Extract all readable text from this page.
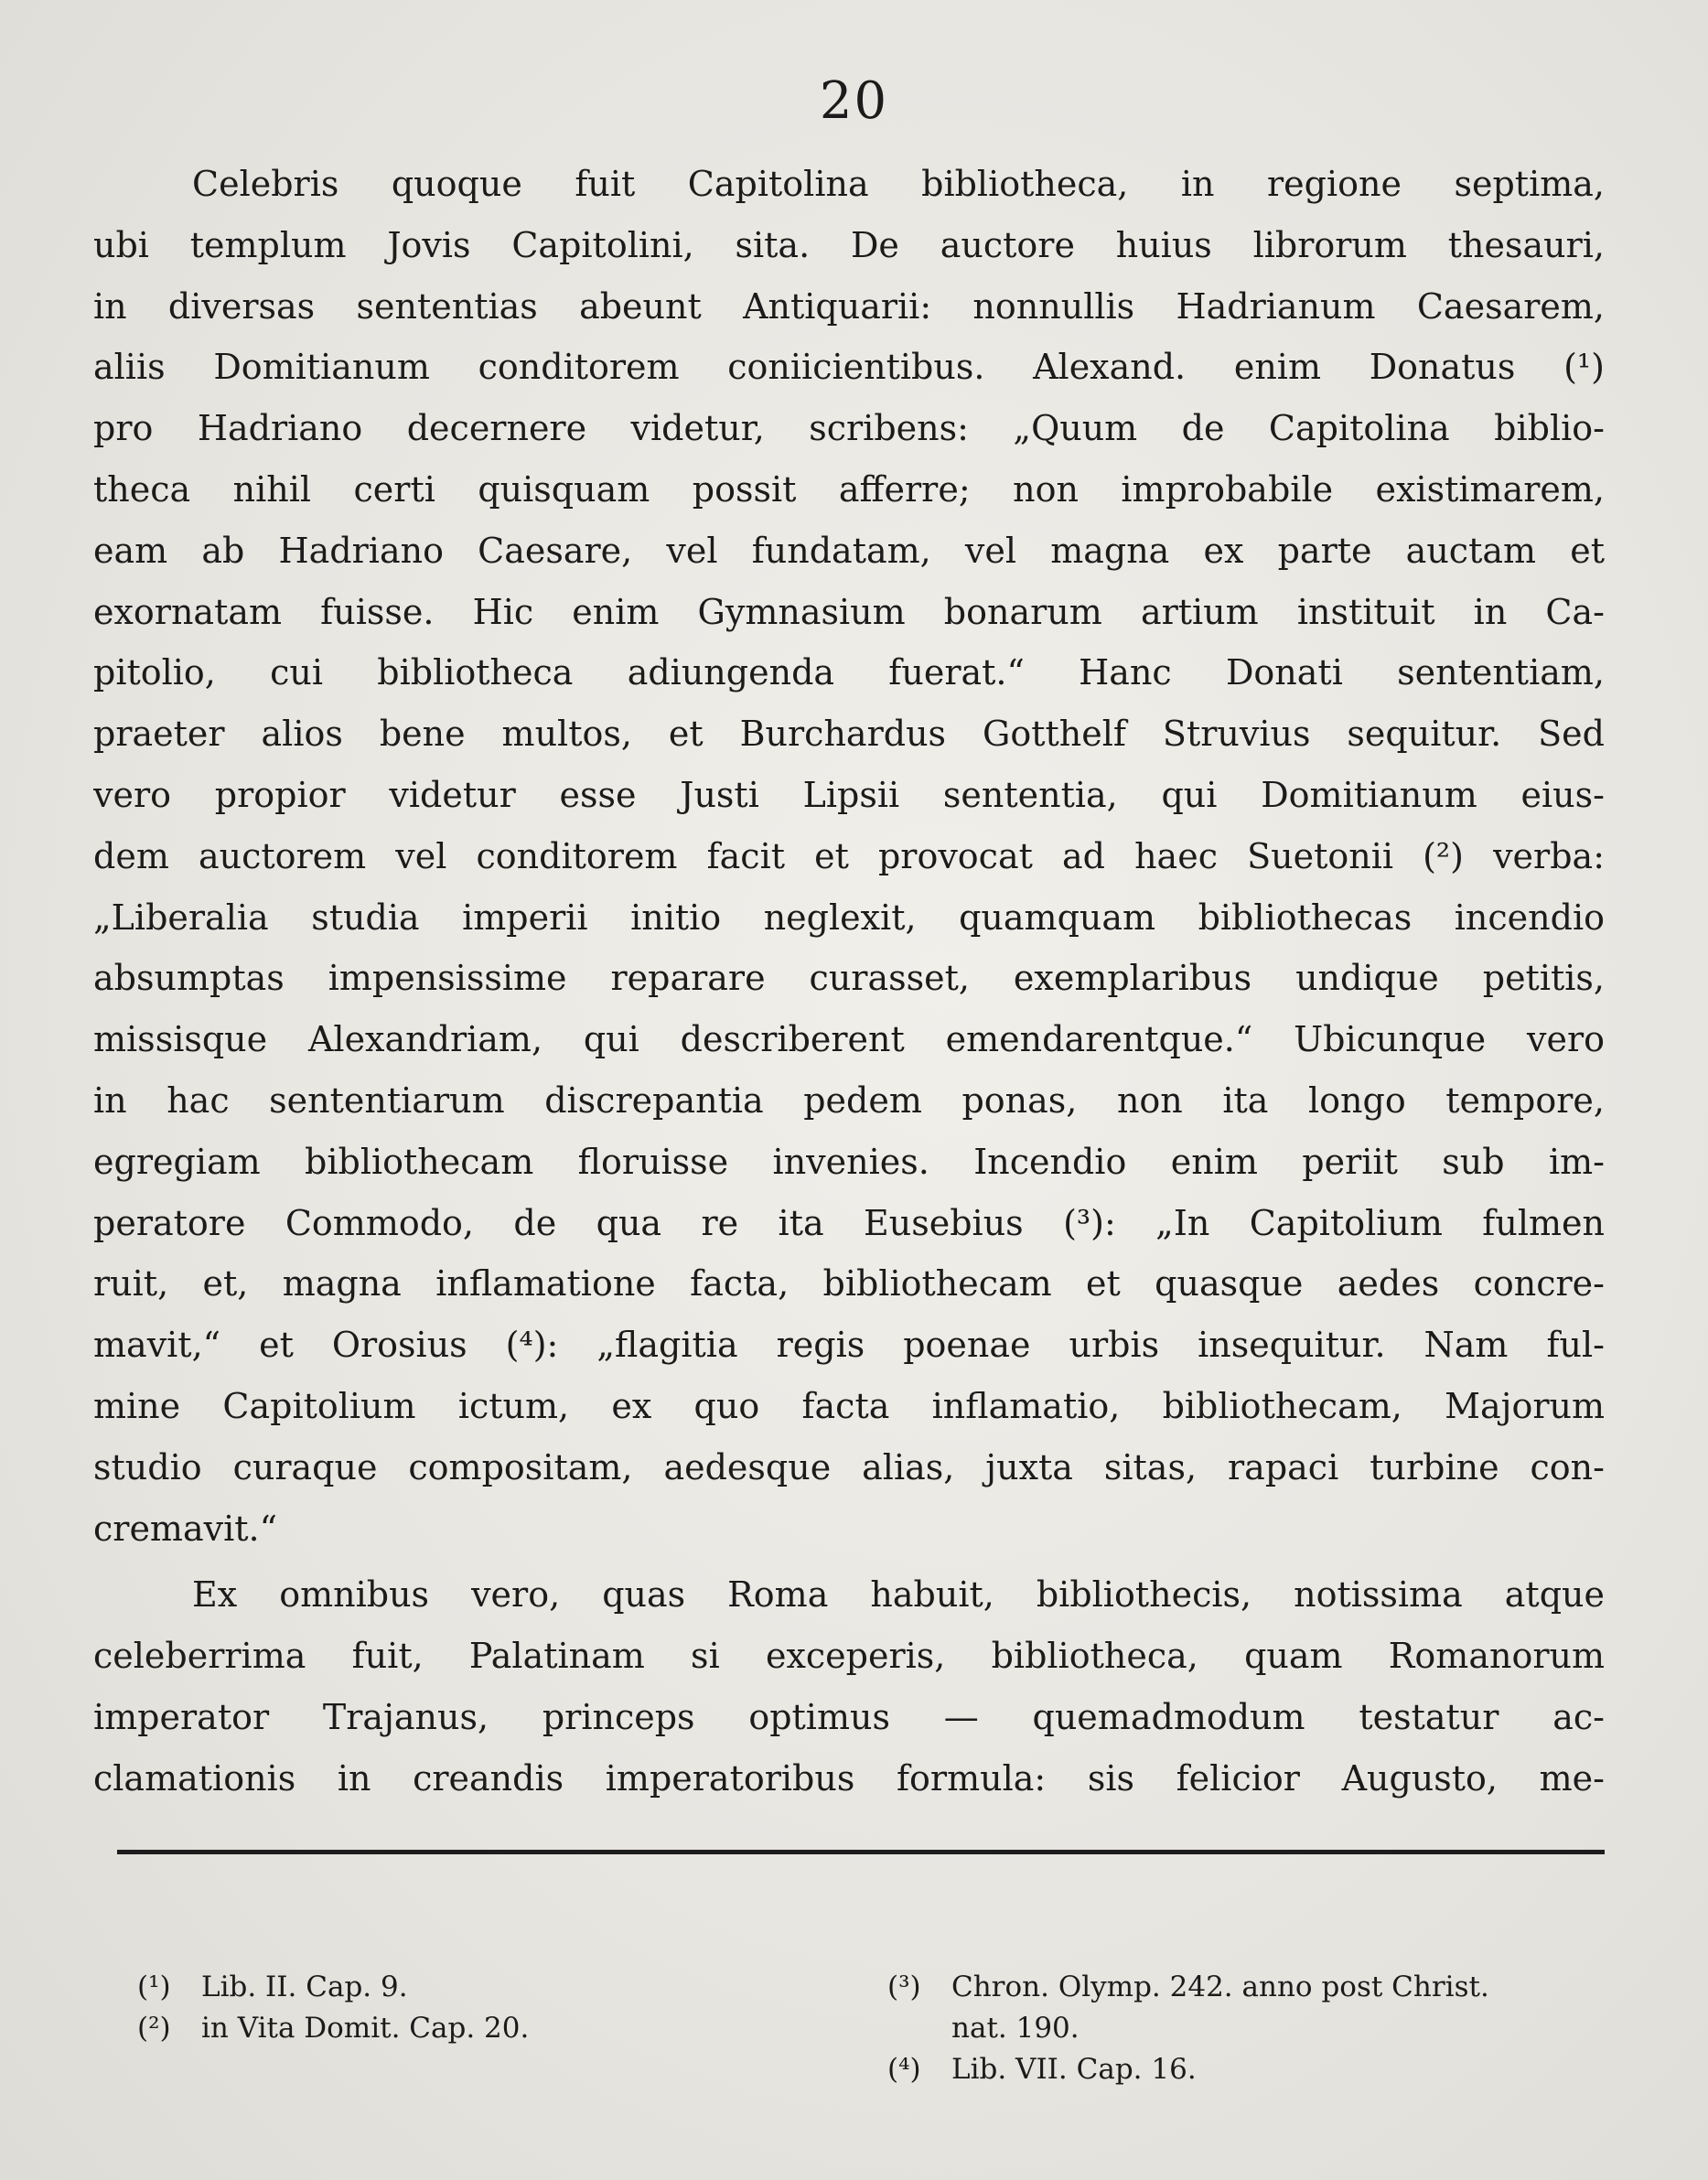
20
Celebris quoque fuit Capitolina bibliotheca, in regione septima,
ubi templum Jovis Capitolini, sita. De auctore huius librorum thesauri,
in diversas sententias abeunt Antiquarii: nonnullis Hadrianum Caesarem,
aliis Domitianum conditorem coniicientibus. Alexand. enim Donatus (¹)
pro Hadriano decernere videtur, scribens: „Quum de Capitolina biblio-
theca nihil certi quisquam possit afferre; non improbabile existimarem,
eam ab Hadriano Caesare, vel fundatam, vel magna ex parte auctam et
exornatam fuisse. Hic enim Gymnasium bonarum artium instituit in Ca-
pitolio, cui bibliotheca adiungenda fuerat.“ Hanc Donati sententiam,
praeter alios bene multos, et Burchardus Gotthelf Struvius sequitur. Sed
vero propior videtur esse Justi Lipsii sententia, qui Domitianum eius-
dem auctorem vel conditorem facit et provocat ad haec Suetonii (²) verba:
„Liberalia studia imperii initio neglexit, quamquam bibliothecas incendio
absumptas impensissime reparare curasset, exemplaribus undique petitis,
missisque Alexandriam, qui describerent emendarentque.“ Ubicunque vero
in hac sententiarum discrepantia pedem ponas, non ita longo tempore,
egregiam bibliothecam floruisse invenies. Incendio enim periit sub im-
peratore Commodo, de qua re ita Eusebius (³): „In Capitolium fulmen
ruit, et, magna inflamatione facta, bibliothecam et quasque aedes concre-
mavit,“ et Orosius (⁴): „flagitia regis poenae urbis insequitur. Nam ful-
mine Capitolium ictum, ex quo facta inflamatio, bibliothecam, Majorum
studio curaque compositam, aedesque alias, juxta sitas, rapaci turbine con-
cremavit.“
Ex omnibus vero, quas Roma habuit, bibliothecis, notissima atque
celeberrima fuit, Palatinam si exceperis, bibliotheca, quam Romanorum
imperator Trajanus, princeps optimus — quemadmodum testatur ac-
clamationis in creandis imperatoribus formula: sis felicior Augusto, me-
(¹) Lib. II. Cap. 9.
(²) in Vita Domit. Cap. 20.
(³) Chron. Olymp. 242. anno post Christ.
nat. 190.
(⁴) Lib. VII. Cap. 16.
